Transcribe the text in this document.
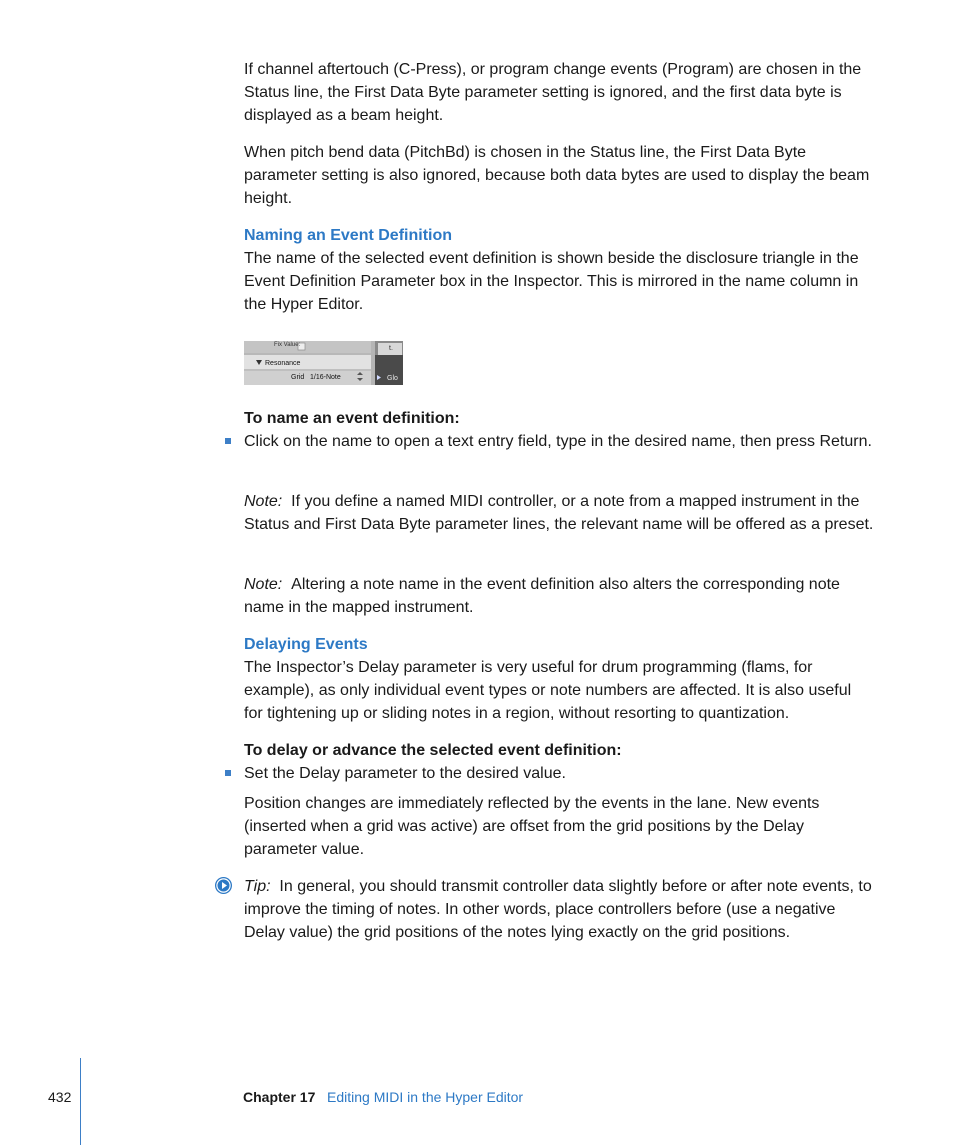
If channel aftertouch (C-Press), or program change events (Program) are chosen in the Status line, the First Data Byte parameter setting is ignored, and the first data byte is displayed as a beam height.

When pitch bend data (PitchBd) is chosen in the Status line, the First Data Byte parameter setting is also ignored, because both data bytes are used to display the beam height.

Naming an Event Definition

The name of the selected event definition is shown beside the disclosure triangle in the Event Definition Parameter box in the Inspector. This is mirrored in the name column in the Hyper Editor.

Fix Value:
Resonance
Grid 1/16-Note	Glo
t.

To name an event definition:

Click on the name to open a text entry field, type in the desired name, then press Return.

Note: If you define a named MIDI controller, or a note from a mapped instrument in the Status and First Data Byte parameter lines, the relevant name will be offered as a preset.

Note: Altering a note name in the event definition also alters the corresponding note name in the mapped instrument.

Delaying Events

The Inspector’s Delay parameter is very useful for drum programming (flams, for example), as only individual event types or note numbers are affected. It is also useful for tightening up or sliding notes in a region, without resorting to quantization.

To delay or advance the selected event definition:

Set the Delay parameter to the desired value.

Position changes are immediately reflected by the events in the lane. New events (inserted when a grid was active) are offset from the grid positions by the Delay parameter value.

Tip: In general, you should transmit controller data slightly before or after note events, to improve the timing of notes. In other words, place controllers before (use a negative Delay value) the grid positions of the notes lying exactly on the grid positions.

432	Chapter 17 Editing MIDI in the Hyper Editor
